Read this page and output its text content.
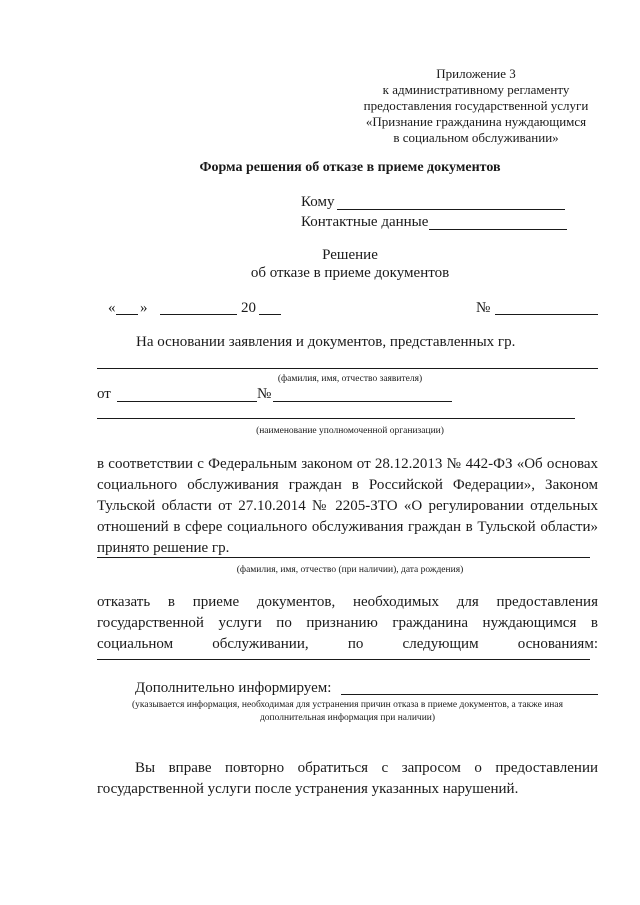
Приложение 3
к административному регламенту
предоставления государственной услуги
«Признание гражданина нуждающимся
в социальном обслуживании»
Форма решения об отказе в приеме документов
Кому
Контактные данные
Решение
об отказе в приеме документов
« »	20	№
На основании заявления и документов, представленных гр.
(фамилия, имя, отчество заявителя)
от	№
(наименование уполномоченной организации)
в соответствии с Федеральным законом от 28.12.2013 № 442-ФЗ «Об основах
социального обслуживания граждан в Российской Федерации», Законом
Тульской области от 27.10.2014 № 2205-ЗТО «О регулировании отдельных
отношений в сфере социального обслуживания граждан в Тульской области»
принято решение гр.
(фамилия, имя, отчество (при наличии), дата рождения)
отказать в приеме документов, необходимых для предоставления
государственной услуги по признанию гражданина нуждающимся в
социальном обслуживании, по следующим основаниям:
Дополнительно информируем:
(указывается информация, необходимая для устранения причин отказа в приеме документов, а также иная
дополнительная информация при наличии)
Вы вправе повторно обратиться с запросом о предоставлении
государственной услуги после устранения указанных нарушений.
